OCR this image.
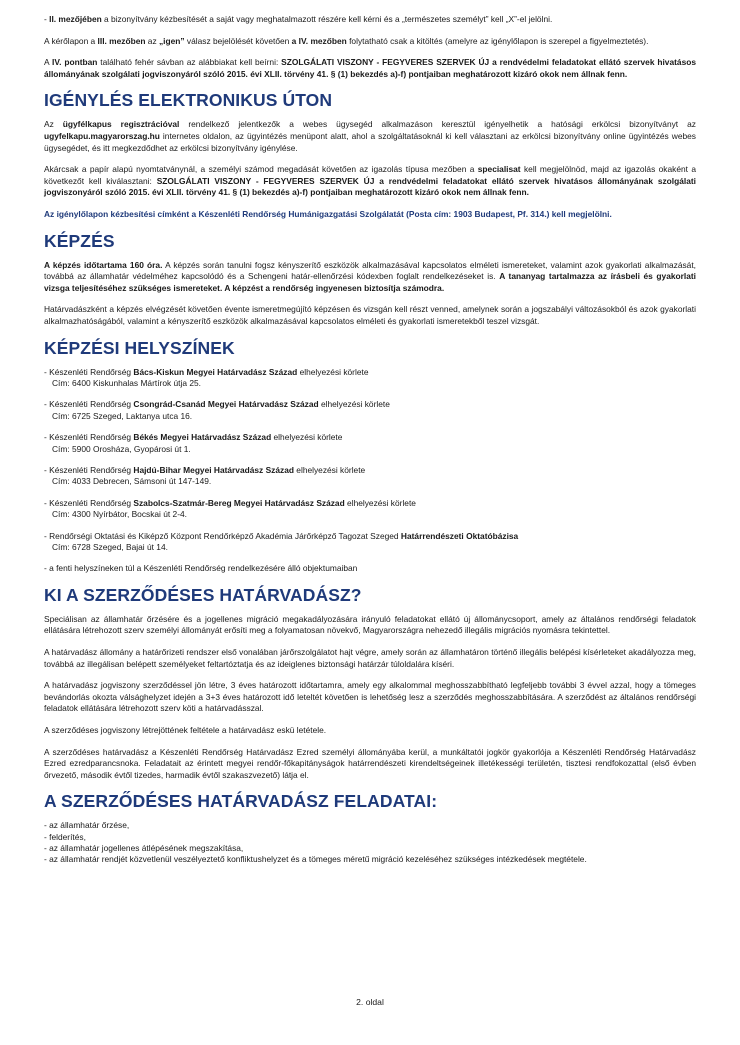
- II. mezőjében a bizonyítvány kézbesítését a saját vagy meghatalmazott részére kell kérni és a „természetes személyt” kell „X”-el jelölni.

A kérőlapon a III. mezőben az „igen” válasz bejelölését követően a IV. mezőben folytatható csak a kitöltés (amelyre az igénylőlapon is szerepel a figyelmeztetés).

A IV. pontban található fehér sávban az alábbiakat kell beírni: SZOLGÁLATI VISZONY - FEGYVERES SZERVEK ÚJ a rendvédelmi feladatokat ellátó szervek hivatásos állományának szolgálati jogviszonyáról szóló 2015. évi XLII. törvény 41. § (1) bekezdés a)-f) pontjaiban meghatározott kizáró okok nem állnak fenn.

IGÉNYLÉS ELEKTRONIKUS ÚTON

Az ügyfélkapus regisztrációval rendelkező jelentkezők a webes ügysegéd alkalmazáson keresztül igényelhetik a hatósági erkölcsi bizonyítványt az ugyfelkapu.magyarorszag.hu internetes oldalon, az ügyintézés menüpont alatt, ahol a szolgáltatásoknál ki kell választani az erkölcsi bizonyítvány online ügyintézés webes ügysegédet, és itt megkezdődhet az erkölcsi bizonyítvány igénylése.

Akárcsak a papír alapú nyomtatványnál, a személyi számod megadását követően az igazolás típusa mezőben a specialisat kell megjelölnöd, majd az igazolás okaként a következőt kell kiválasztani: SZOLGÁLATI VISZONY - FEGYVERES SZERVEK ÚJ a rendvédelmi feladatokat ellátó szervek hivatásos állományának szolgálati jogviszonyáról szóló 2015. évi XLII. törvény 41. § (1) bekezdés a)-f) pontjaiban meghatározott kizáró okok nem állnak fenn.

Az igénylőlapon kézbesítési címként a Készenléti Rendőrség Humánigazgatási Szolgálatát (Posta cím: 1903 Budapest, Pf. 314.) kell megjelölni.

KÉPZÉS

A képzés időtartama 160 óra. A képzés során tanulni fogsz kényszerítő eszközök alkalmazásával kapcsolatos elméleti ismereteket, valamint azok gyakorlati alkalmazását, továbbá az államhatár védelméhez kapcsolódó és a Schengeni határ-ellenőrzési kódexben foglalt rendelkezéseket is. A tananyag tartalmazza az írásbeli és gyakorlati vizsga teljesítéséhez szükséges ismereteket. A képzést a rendőrség ingyenesen biztosítja számodra.

Határvadászként a képzés elvégzését követően évente ismeretmegújító képzésen és vizsgán kell részt venned, amelynek során a jogszabályi változásokból és azok gyakorlati alkalmazhatóságából, valamint a kényszerítő eszközök alkalmazásával kapcsolatos elméleti és gyakorlati ismeretekből teszel vizsgát.

KÉPZÉSI HELYSZÍNEK
- Készenléti Rendőrség Bács-Kiskun Megyei Határvadász Század elhelyezési körlete
Cím: 6400 Kiskunhalas Mártírok útja 25.
- Készenléti Rendőrség Csongrád-Csanád Megyei Határvadász Század elhelyezési körlete
Cím: 6725 Szeged, Laktanya utca 16.
- Készenléti Rendőrség Békés Megyei Határvadász Század elhelyezési körlete
Cím: 5900 Orosháza, Gyopárosi út 1.
- Készenléti Rendőrség Hajdú-Bihar Megyei Határvadász Század elhelyezési körlete
Cím: 4033 Debrecen, Sámsoni út 147-149.
- Készenléti Rendőrség Szabolcs-Szatmár-Bereg Megyei Határvadász Század elhelyezési körlete
Cím: 4300 Nyírbátor, Bocskai út 2-4.
- Rendőrségi Oktatási és Kiképző Központ Rendőrképző Akadémia Járőrképző Tagozat Szeged Határrendészeti Oktatóbázisa
Cím: 6728 Szeged, Bajai út 14.
- a fenti helyszíneken túl a Készenléti Rendőrség rendelkezésére álló objektumaiban
KI A SZERZŐDÉSES HATÁRVADÁSZ?

Speciálisan az államhatár őrzésére és a jogellenes migráció megakadályozására irányuló feladatokat ellátó új állománycsoport, amely az általános rendőrségi feladatok ellátására létrehozott szerv személyi állományát erősíti meg a folyamatosan növekvő, Magyarországra nehezedő illegális migrációs nyomásra tekintettel.

A határvadász állomány a határőrizeti rendszer első vonalában járőrszolgálatot hajt végre, amely során az államhatáron történő illegális belépési kísérleteket akadályozza meg, továbbá az illegálisan belépett személyeket feltartóztatja és az ideiglenes biztonsági határzár túloldalára kíséri.

A határvadász jogviszony szerződéssel jön létre, 3 éves határozott időtartamra, amely egy alkalommal meghosszabbítható legfeljebb további 3 évvel azzal, hogy a tömeges bevándorlás okozta válsághelyzet idején a 3+3 éves határozott idő leteltét követően is lehetőség lesz a szerződés meghosszabbítására. A szerződést az általános rendőrségi feladatok ellátására létrehozott szerv köti a határvadásszal.

A szerződéses jogviszony létrejöttének feltétele a határvadász eskü letétele.

A szerződéses határvadász a Készenléti Rendőrség Határvadász Ezred személyi állományába kerül, a munkáltatói jogkör gyakorlója a Készenléti Rendőrség Határvadász Ezred ezredparancsnoka. Feladatait az érintett megyei rendőr-főkapitányságok határrendészeti kirendeltségeinek illetékességi területén, tisztesi rendfokozattal (első évben őrvezető, második évtől tizedes, harmadik évtől szakaszvezető) látja el.

A SZERZŐDÉSES HATÁRVADÁSZ FELADATAI:
- az államhatár őrzése,
- felderítés,
- az államhatár jogellenes átlépésének megszakítása,
- az államhatár rendjét közvetlenül veszélyeztető konfliktushelyzet és a tömeges méretű migráció kezeléséhez szükséges intézkedések megtétele.
2. oldal
